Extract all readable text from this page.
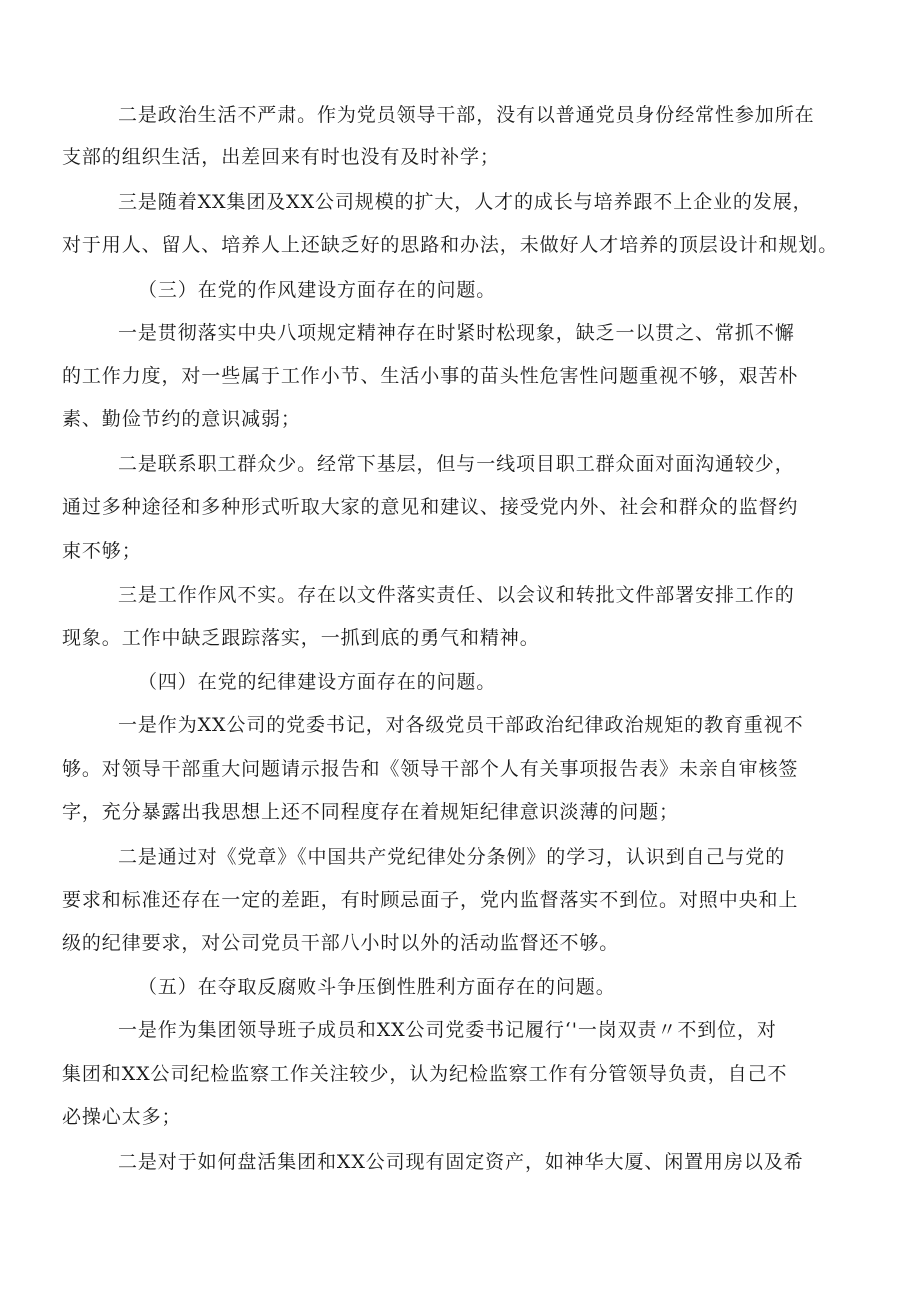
二是政治生活不严肃。作为党员领导干部，没有以普通党员身份经常性参加所在
支部的组织生活，出差回来有时也没有及时补学；
三是随着XX集团及XX公司规模的扩大，人才的成长与培养跟不上企业的发展，
对于用人、留人、培养人上还缺乏好的思路和办法，未做好人才培养的顶层设计和规划。
（三）在党的作风建设方面存在的问题。
一是贯彻落实中央八项规定精神存在时紧时松现象，缺乏一以贯之、常抓不懈
的工作力度，对一些属于工作小节、生活小事的苗头性危害性问题重视不够，艰苦朴
素、勤俭节约的意识减弱；
二是联系职工群众少。经常下基层，但与一线项目职工群众面对面沟通较少，
通过多种途径和多种形式听取大家的意见和建议、接受党内外、社会和群众的监督约
束不够；
三是工作作风不实。存在以文件落实责任、以会议和转批文件部署安排工作的
现象。工作中缺乏跟踪落实，一抓到底的勇气和精神。
（四）在党的纪律建设方面存在的问题。
一是作为XX公司的党委书记，对各级党员干部政治纪律政治规矩的教育重视不
够。对领导干部重大问题请示报告和《领导干部个人有关事项报告表》未亲自审核签
字，充分暴露出我思想上还不同程度存在着规矩纪律意识淡薄的问题；
二是通过对《党章》《中国共产党纪律处分条例》的学习，认识到自己与党的
要求和标准还存在一定的差距，有时顾忌面子，党内监督落实不到位。对照中央和上
级的纪律要求，对公司党员干部八小时以外的活动监督还不够。
（五）在夺取反腐败斗争压倒性胜利方面存在的问题。
一是作为集团领导班子成员和XX公司党委书记履行‘'一岗双责〃不到位，对
集团和XX公司纪检监察工作关注较少，认为纪检监察工作有分管领导负责，自己不
必操心太多；
二是对于如何盘活集团和XX公司现有固定资产，如神华大厦、闲置用房以及希
